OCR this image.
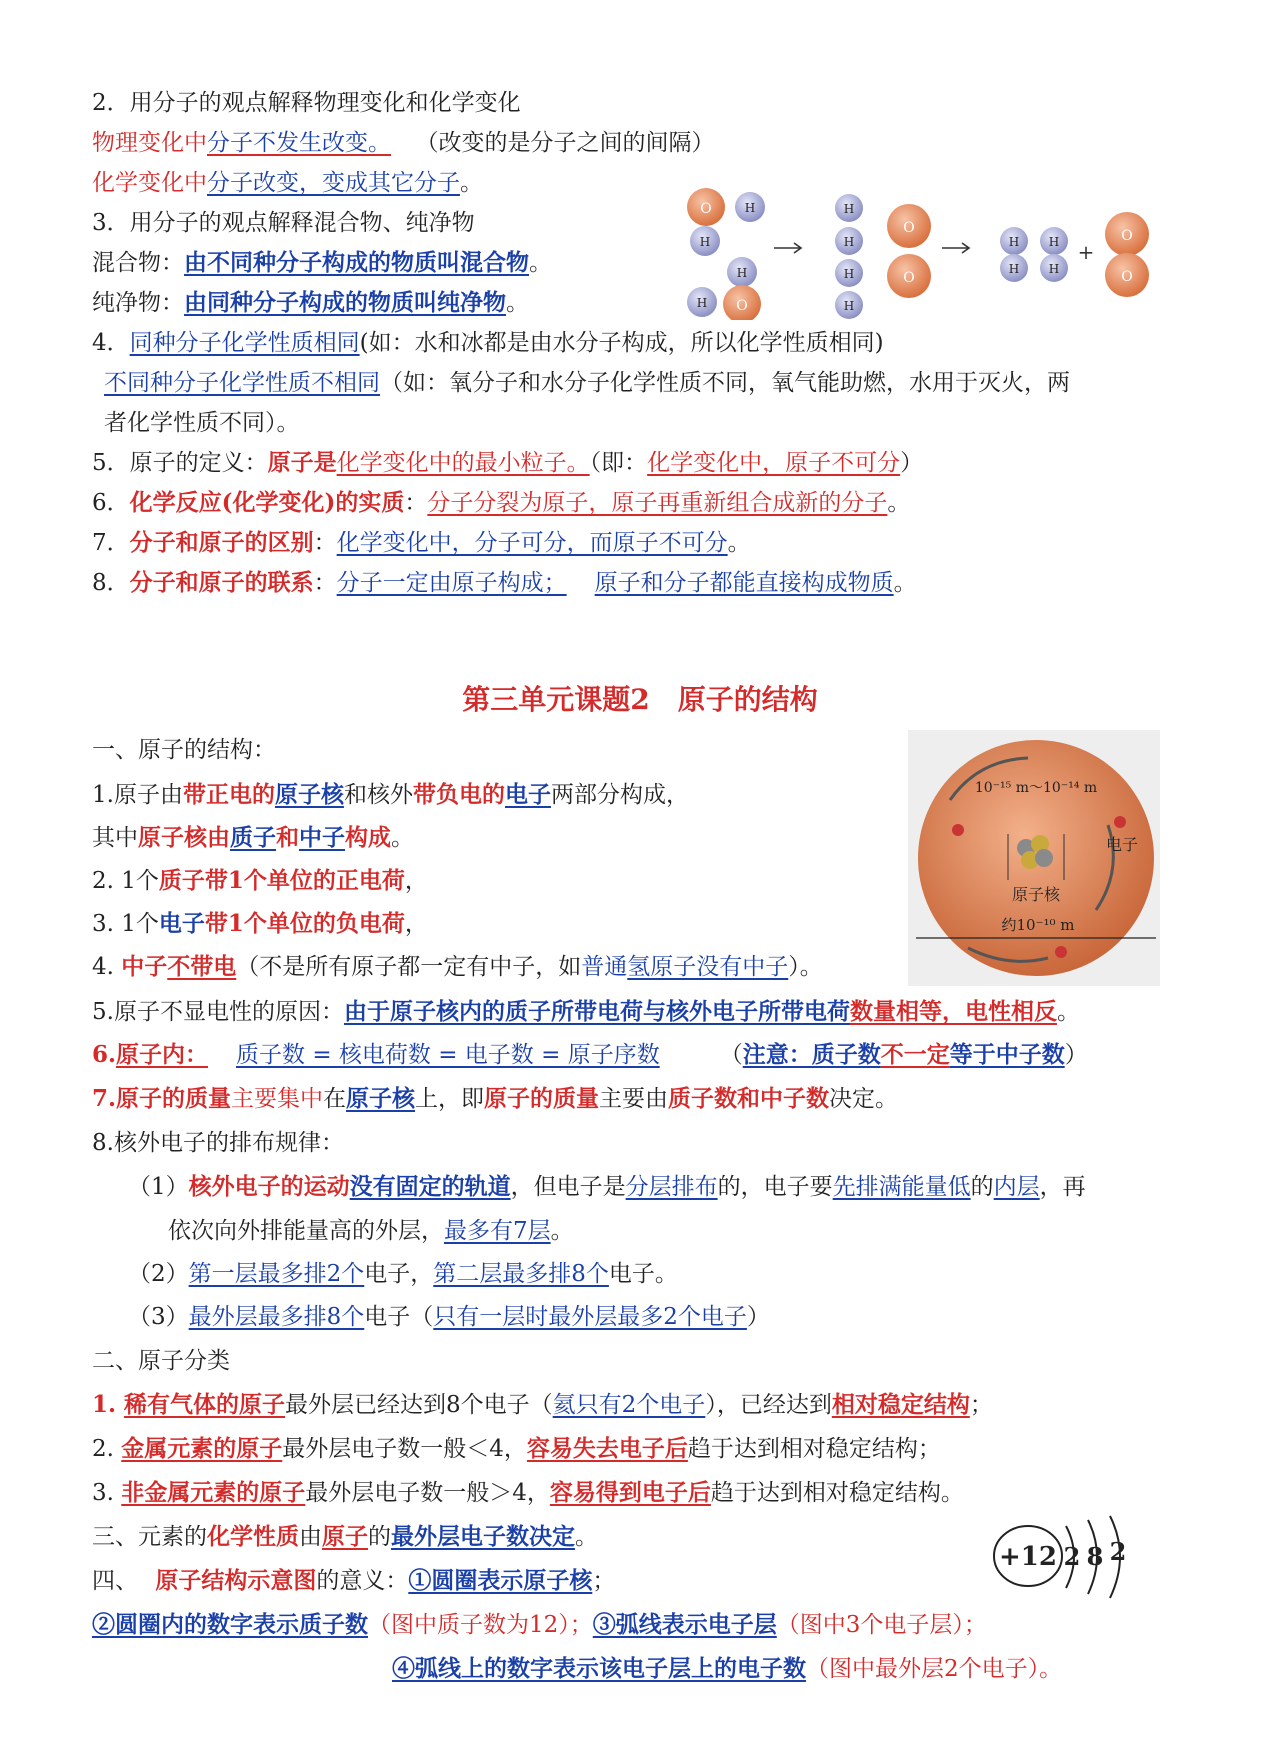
2．用分子的观点解释物理变化和化学变化
物理变化中分子不发生改变。 （改变的是分子之间的间隔）
化学变化中分子改变，变成其它分子。
3．用分子的观点解释混合物、纯净物
混合物：由不同种分子构成的物质叫混合物。
纯净物：由同种分子构成的物质叫纯净物。
4．同种分子化学性质相同(如：水和冰都是由水分子构成，所以化学性质相同)
不同种分子化学性质不相同（如：氧分子和水分子化学性质不同，氧气能助燃，水用于灭火，两
者化学性质不同）。
5．原子的定义：原子是化学变化中的最小粒子。（即：化学变化中，原子不可分）
6．化学反应(化学变化)的实质：分子分裂为原子，原子再重新组合成新的分子。
7．分子和原子的区别：化学变化中，分子可分，而原子不可分。
8．分子和原子的联系：分子一定由原子构成； 原子和分子都能直接构成物质。
O	H
H
H
H O
H
H
H
H
O
O
H
H
H
H
+
O
O
第三单元课题2　原子的结构
一、原子的结构：
1.原子由带正电的原子核和核外带负电的电子两部分构成，
其中原子核由质子和中子构成。
2. 1个质子带1个单位的正电荷，
3. 1个电子带1个单位的负电荷，
4. 中子不带电（不是所有原子都一定有中子，如普通氢原子没有中子）。
5.原子不显电性的原因：由于原子核内的质子所带电荷与核外电子所带电荷数量相等，电性相反。
6.原子内： 质子数 = 核电荷数 = 电子数 = 原子序数	（注意：质子数不一定等于中子数）
7.原子的质量主要集中在原子核上，即原子的质量主要由质子数和中子数决定。
8.核外电子的排布规律：
（1）核外电子的运动没有固定的轨道，但电子是分层排布的，电子要先排满能量低的内层，再
依次向外排能量高的外层，最多有7层。
（2）第一层最多排2个电子，第二层最多排8个电子。
（3）最外层最多排8个电子（只有一层时最外层最多2个电子）
10⁻¹⁵ m～10⁻¹⁴ m
电子
原子核
约10⁻¹⁰ m
二、原子分类
1. 稀有气体的原子最外层已经达到8个电子（氦只有2个电子），已经达到相对稳定结构；
2. 金属元素的原子最外层电子数一般＜4，容易失去电子后趋于达到相对稳定结构；
3. 非金属元素的原子最外层电子数一般＞4，容易得到电子后趋于达到相对稳定结构。
三、元素的化学性质由原子的最外层电子数决定。
四、 原子结构示意图的意义：①圆圈表示原子核；
②圆圈内的数字表示质子数（图中质子数为12）；③弧线表示电子层（图中3个电子层）；
④弧线上的数字表示该电子层上的电子数（图中最外层2个电子）。
+12 2 8 2
